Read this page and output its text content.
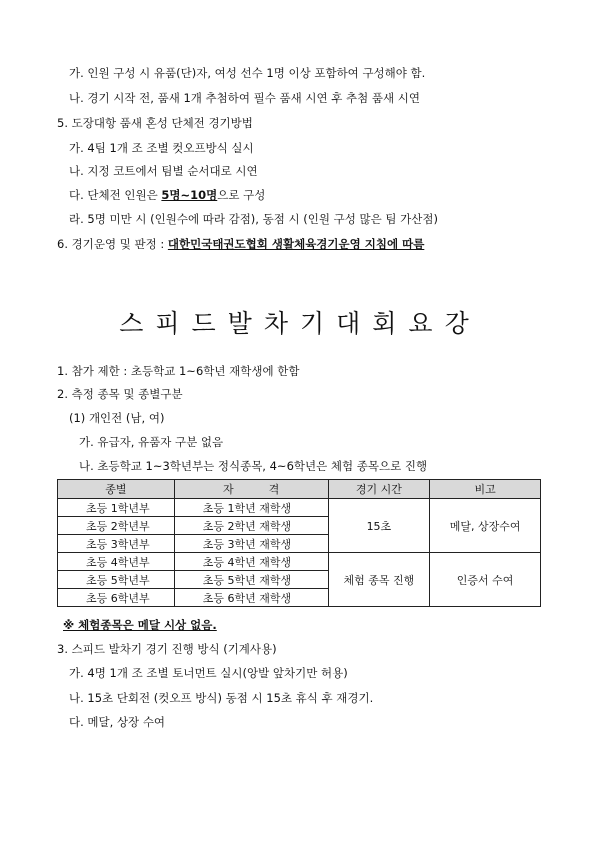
가. 인원 구성 시 유품(단)자, 여성 선수 1명 이상 포함하여 구성해야 함.
나. 경기 시작 전, 품새 1개 추첨하여 필수 품새 시연 후 추첨 품새 시연
5. 도장대항 품새 혼성 단체전 경기방법
가. 4팀 1개 조 조별 컷오프방식 실시
나. 지정 코트에서 팀별 순서대로 시연
다. 단체전 인원은 5명~10명으로 구성
라. 5명 미만 시 (인원수에 따라 감점), 동점 시 (인원 구성 많은 팀 가산점)
6. 경기운영 및 판정 : 대한민국태권도협회 생활체육경기운영 지침에 따름
스피드발차기대회요강
1. 참가 제한 : 초등학교 1~6학년 재학생에 한함
2. 측정 종목 및 종별구분
(1) 개인전 (남, 여)
가. 유급자, 유품자 구분 없음
나. 초등학교 1~3학년부는 정식종목, 4~6학년은 체험 종목으로 진행
종별	자          격	경기 시간	비고
초등 1학년부	초등 1학년 재학생	15초	메달, 상장수여
초등 2학년부	초등 2학년 재학생		
초등 3학년부	초등 3학년 재학생		
초등 4학년부	초등 4학년 재학생	체험 종목 진행	인증서 수여
초등 5학년부	초등 5학년 재학생		
초등 6학년부	초등 6학년 재학생		
※ 체험종목은 메달 시상 없음.
3. 스피드 발차기 경기 진행 방식 (기계사용)
가. 4명 1개 조 조별 토너먼트 실시(앙발 앞차기만 허용)
나. 15초 단회전 (컷오프 방식) 동점 시 15초 휴식 후 재경기.
다. 메달, 상장 수여
